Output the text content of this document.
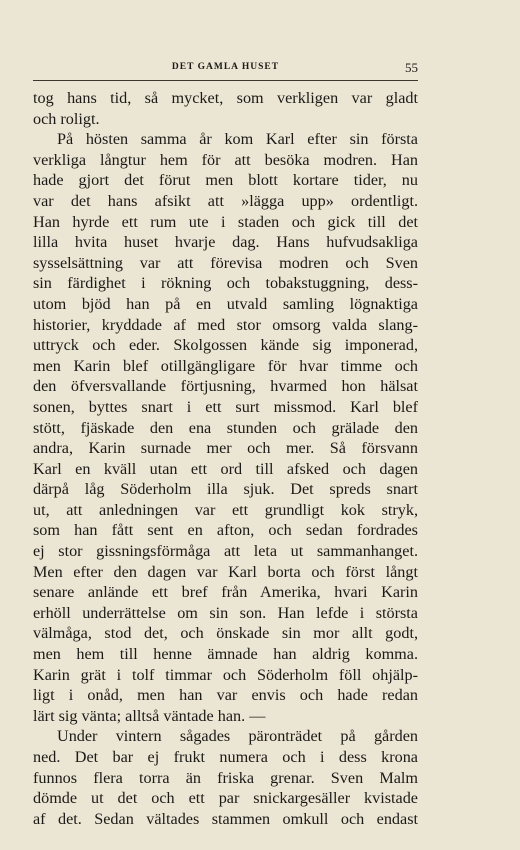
DET GAMLA HUSET	55
tog hans tid, så mycket, som verkligen var gladt
och roligt.
På hösten samma år kom Karl efter sin första
verkliga långtur hem för att besöka modren. Han
hade gjort det förut men blott kortare tider, nu
var det hans afsikt att »lägga upp» ordentligt.
Han hyrde ett rum ute i staden och gick till det
lilla hvita huset hvarje dag. Hans hufvudsakliga
sysselsättning var att förevisa modren och Sven
sin färdighet i rökning och tobakstuggning, dess-
utom bjöd han på en utvald samling lögnaktiga
historier, kryddade af med stor omsorg valda slang-
uttryck och eder. Skolgossen kände sig imponerad,
men Karin blef otillgängligare för hvar timme och
den öfversvallande förtjusning, hvarmed hon hälsat
sonen, byttes snart i ett surt missmod. Karl blef
stött, fjäskade den ena stunden och grälade den
andra, Karin surnade mer och mer. Så försvann
Karl en kväll utan ett ord till afsked och dagen
därpå låg Söderholm illa sjuk. Det spreds snart
ut, att anledningen var ett grundligt kok stryk,
som han fått sent en afton, och sedan fordrades
ej stor gissningsförmåga att leta ut sammanhanget.
Men efter den dagen var Karl borta och först långt
senare anlände ett bref från Amerika, hvari Karin
erhöll underrättelse om sin son. Han lefde i största
välmåga, stod det, och önskade sin mor allt godt,
men hem till henne ämnade han aldrig komma.
Karin grät i tolf timmar och Söderholm föll ohjälp-
ligt i onåd, men han var envis och hade redan
lärt sig vänta; alltså väntade han. —
Under vintern sågades päronträdet på gården
ned. Det bar ej frukt numera och i dess krona
funnos flera torra än friska grenar. Sven Malm
dömde ut det och ett par snickargesäller kvistade
af det. Sedan vältades stammen omkull och endast
